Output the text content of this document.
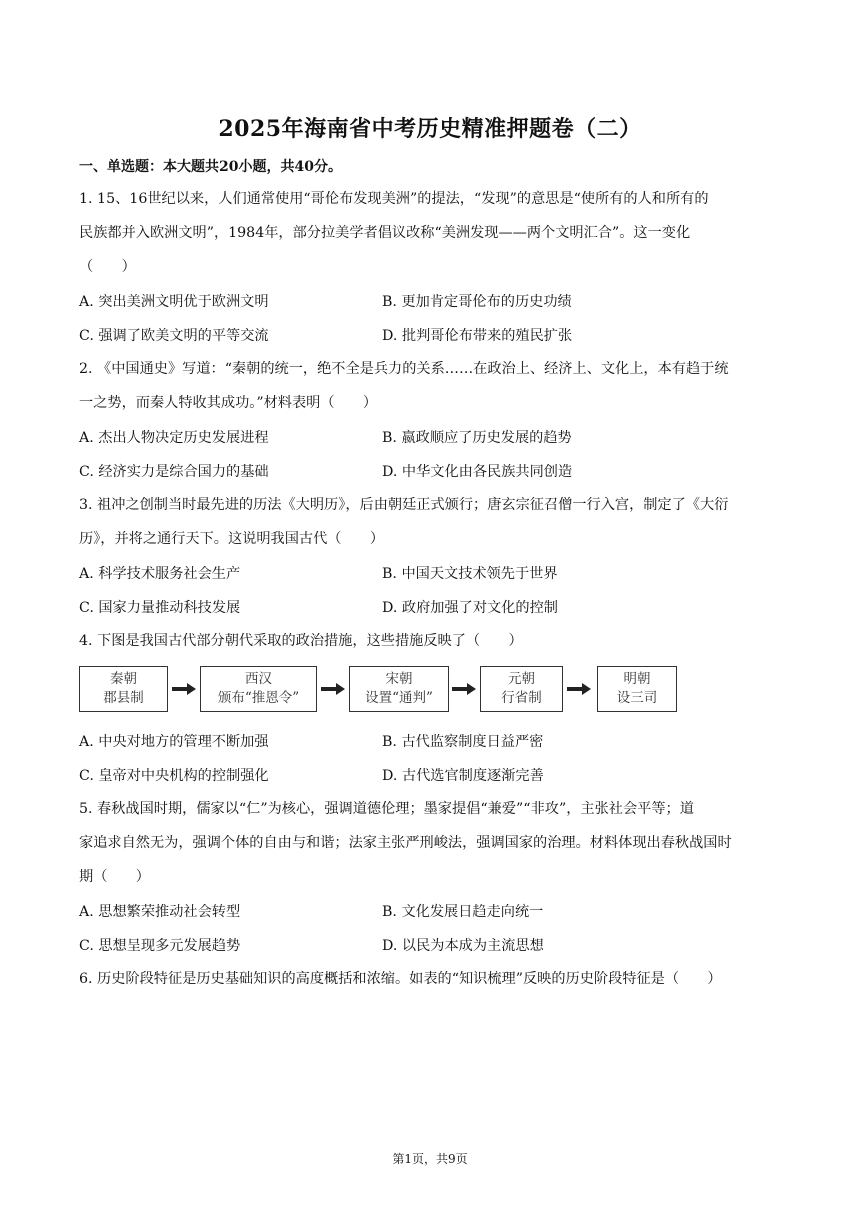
2025年海南省中考历史精准押题卷（二）
一、单选题：本大题共20小题，共40分。
1. 15、16世纪以来，人们通常使用“哥伦布发现美洲”的提法，“发现”的意思是“使所有的人和所有的
民族都并入欧洲文明”，1984年，部分拉美学者倡议改称“美洲发现——两个文明汇合”。这一变化
（　　）
A. 突出美洲文明优于欧洲文明	B. 更加肯定哥伦布的历史功绩
C. 强调了欧美文明的平等交流	D. 批判哥伦布带来的殖民扩张
2. 《中国通史》写道：“秦朝的统一，绝不全是兵力的关系……在政治上、经济上、文化上，本有趋于统
一之势，而秦人特收其成功。”材料表明（　　）
A. 杰出人物决定历史发展进程	B. 嬴政顺应了历史发展的趋势
C. 经济实力是综合国力的基础	D. 中华文化由各民族共同创造
3. 祖冲之创制当时最先进的历法《大明历》，后由朝廷正式颁行；唐玄宗征召僧一行入宫，制定了《大衍
历》，并将之通行天下。这说明我国古代（　　）
A. 科学技术服务社会生产	B. 中国天文技术领先于世界
C. 国家力量推动科技发展	D. 政府加强了对文化的控制
4. 下图是我国古代部分朝代采取的政治措施，这些措施反映了（　　）
秦朝
郡县制
西汉
颁布“推恩令”
宋朝
设置“通判”
元朝
行省制
明朝
设三司
A. 中央对地方的管理不断加强	B. 古代监察制度日益严密
C. 皇帝对中央机构的控制强化	D. 古代选官制度逐渐完善
5. 春秋战国时期，儒家以“仁”为核心，强调道德伦理；墨家提倡“兼爱”“非攻”，主张社会平等；道
家追求自然无为，强调个体的自由与和谐；法家主张严刑峻法，强调国家的治理。材料体现出春秋战国时
期（　　）
A. 思想繁荣推动社会转型	B. 文化发展日趋走向统一
C. 思想呈现多元发展趋势	D. 以民为本成为主流思想
6. 历史阶段特征是历史基础知识的高度概括和浓缩。如表的“知识梳理”反映的历史阶段特征是（　　）
第1页，共9页
